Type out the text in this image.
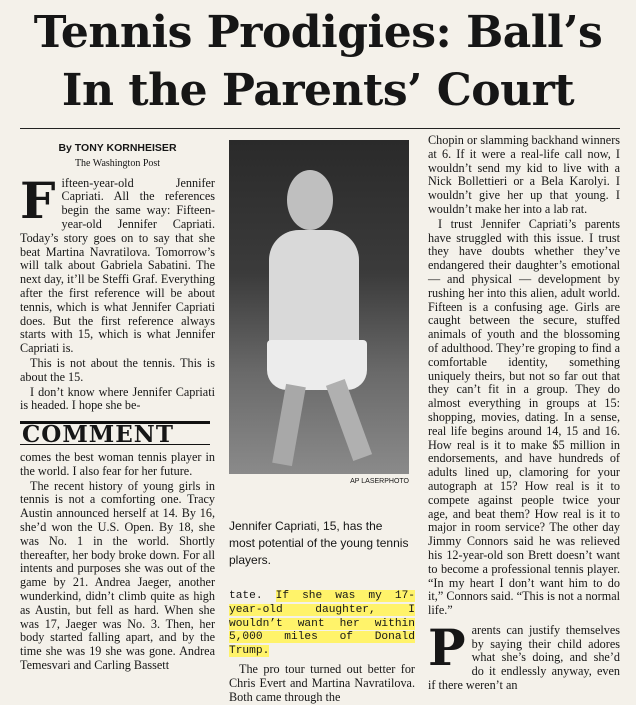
Tennis Prodigies: Ball’s
In the Parents’ Court
By TONY KORNHEISER
The Washington Post

Fifteen-year-old Jennifer Capriati. All the references begin the same way: Fifteen-year-old Jennifer Capriati. Today’s story goes on to say that she beat Martina Navratilova. Tomorrow’s will talk about Gabriela Sabatini. The next day, it’ll be Steffi Graf. Everything after the first reference will be about tennis, which is what Jennifer Capriati does. But the first reference always starts with 15, which is what Jennifer Capriati is.

This is not about the tennis. This is about the 15.

I don’t know where Jennifer Capriati is headed. I hope she be-

COMMENT

comes the best woman tennis player in the world. I also fear for her future.

The recent history of young girls in tennis is not a comforting one. Tracy Austin announced herself at 14. By 16, she’d won the U.S. Open. By 18, she was No. 1 in the world. Shortly thereafter, her body broke down. For all intents and purposes she was out of the game by 21. Andrea Jaeger, another wunderkind, didn’t climb quite as high as Austin, but fell as hard. When she was 17, Jaeger was No. 3. Then, her body started falling apart, and by the time she was 19 she was gone. Andrea Temesvari and Carling Bassett

AP LASERPHOTO
Jennifer Capriati, 15, has the most potential of the young tennis players.

tate. If she was my 17-year-old daughter, I wouldn’t want her within 5,000 miles of Donald Trump.

The pro tour turned out better for Chris Evert and Martina Navratilova. Both came through the

Chopin or slamming backhand winners at 6. If it were a real-life call now, I wouldn’t send my kid to live with a Nick Bollettieri or a Bela Karolyi. I wouldn’t give her up that young. I wouldn’t make her into a lab rat.

I trust Jennifer Capriati’s parents have struggled with this issue. I trust they have doubts whether they’ve endangered their daughter’s emotional — and physical — development by rushing her into this alien, adult world. Fifteen is a confusing age. Girls are caught between the secure, stuffed animals of youth and the blossoming of adulthood. They’re groping to find a comfortable identity, something uniquely theirs, but not so far out that they can’t fit in a group. They do almost everything in groups at 15: shopping, movies, dating. In a sense, real life begins around 14, 15 and 16. How real is it to make $5 million in endorsements, and have hundreds of adults lined up, clamoring for your autograph at 15? How real is it to compete against people twice your age, and beat them? How real is it to major in room service? The other day Jimmy Connors said he was relieved his 12-year-old son Brett doesn’t want to become a professional tennis player. “In my heart I don’t want him to do it,” Connors said. “This is not a normal life.”

Parents can justify themselves by saying their child adores what she’s doing, and she’d do it endlessly anyway, even if there weren’t an
